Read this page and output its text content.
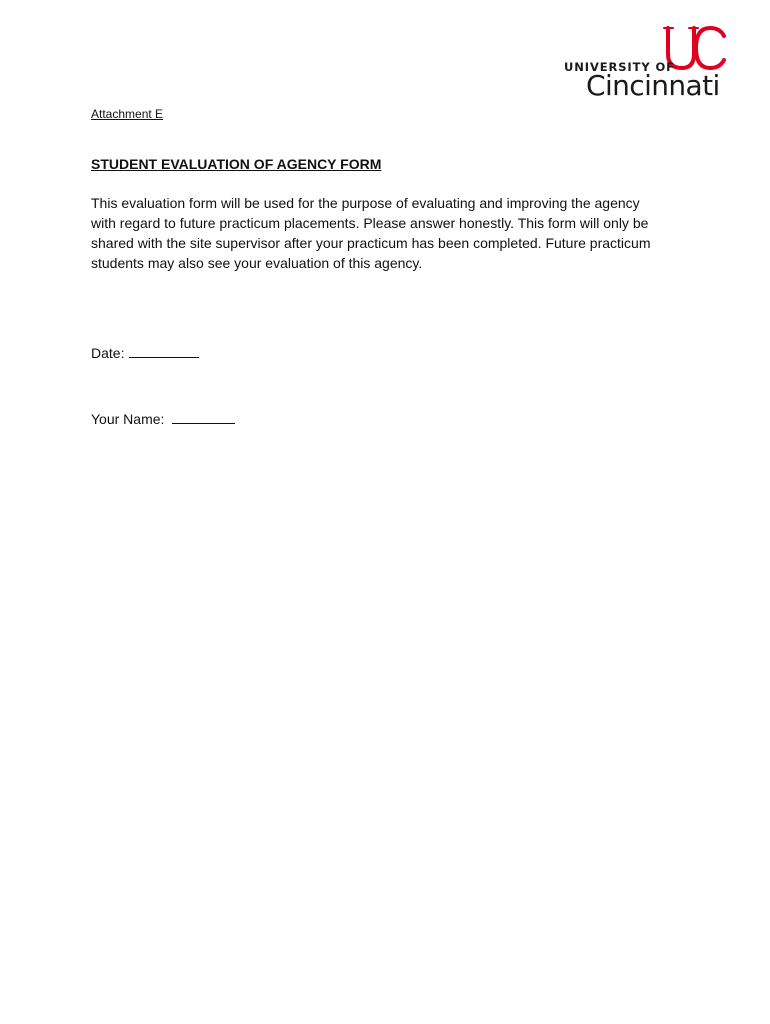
UNIVERSITY OF
Cincinnati
Attachment E
STUDENT EVALUATION OF AGENCY FORM
This evaluation form will be used for the purpose of evaluating and improving the agency
with regard to future practicum placements. Please answer honestly. This form will only be
shared with the site supervisor after your practicum has been completed. Future practicum
students may also see your evaluation of this agency.
Date:
Your Name:
